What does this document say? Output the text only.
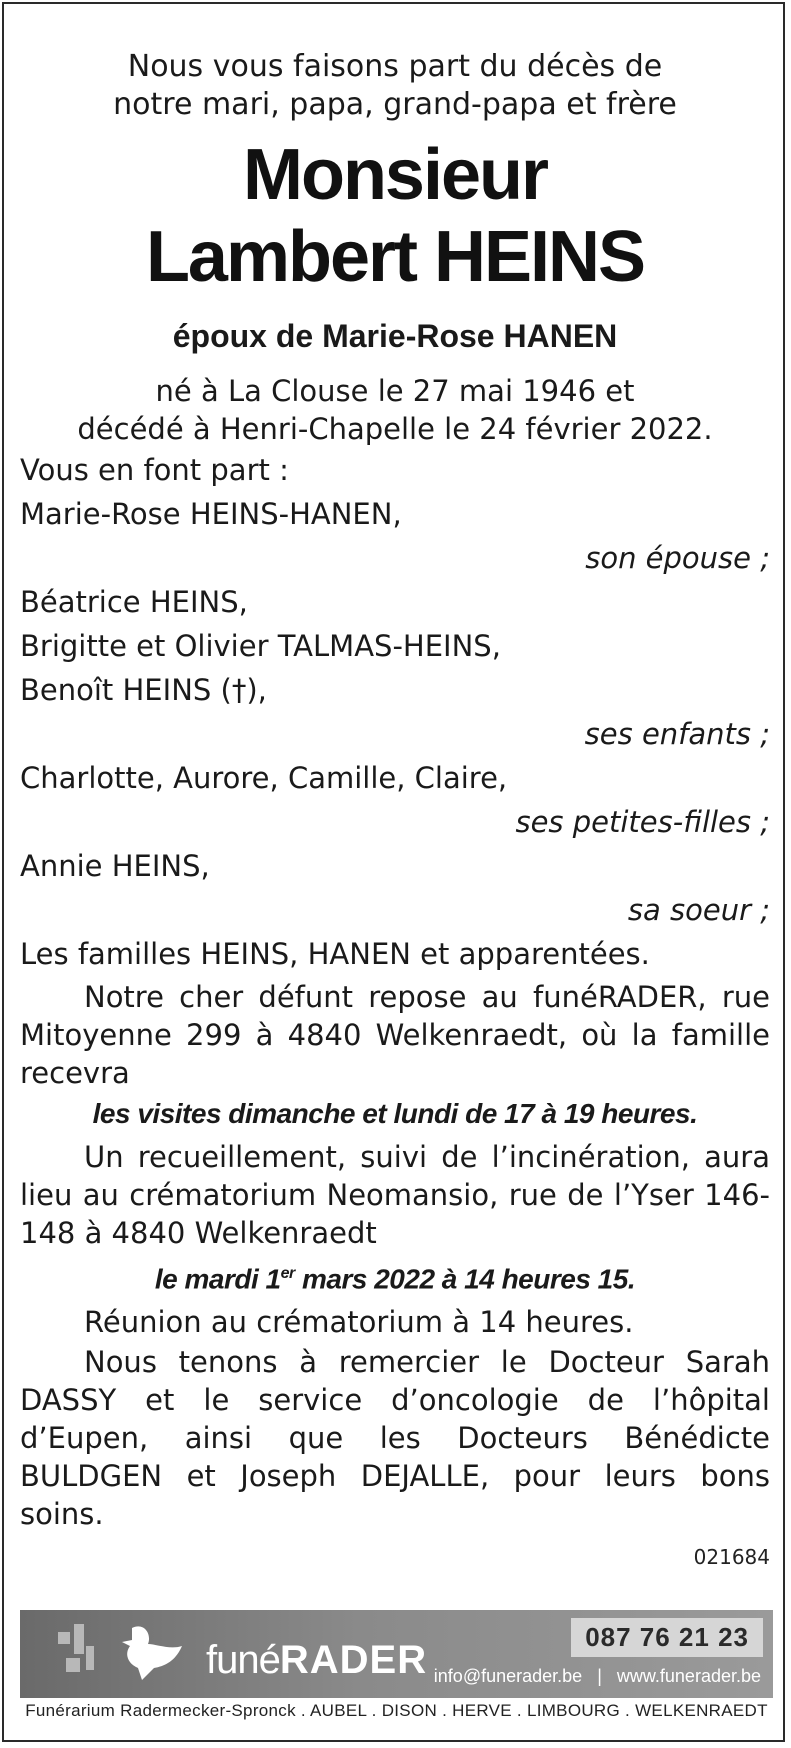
Nous vous faisons part du décès de
notre mari, papa, grand-papa et frère
Monsieur
Lambert HEINS
époux de Marie-Rose HANEN
né à La Clouse le 27 mai 1946 et
décédé à Henri-Chapelle le 24 février 2022.
Vous en font part :
Marie-Rose HEINS-HANEN,
son épouse ;
Béatrice HEINS,
Brigitte et Olivier TALMAS-HEINS,
Benoît HEINS (†),
ses enfants ;
Charlotte, Aurore, Camille, Claire,
ses petites-filles ;
Annie HEINS,
sa soeur ;
Les familles HEINS, HANEN et apparentées.
Notre cher défunt repose au funéRADER, rue Mitoyenne 299 à 4840 Welkenraedt, où la famille recevra
les visites dimanche et lundi de 17 à 19 heures.
Un recueillement, suivi de l’incinération, aura lieu au crématorium Neomansio, rue de l’Yser 146-148 à 4840 Welkenraedt
le mardi 1er mars 2022 à 14 heures 15.
Réunion au crématorium à 14 heures.
Nous tenons à remercier le Docteur Sarah DASSY et le service d’oncologie de l’hôpital d’Eupen, ainsi que les Docteurs Bénédicte BULDGEN et Joseph DEJALLE, pour leurs bons soins.
021684
funéRADER
087 76 21 23
info@funerader.be | www.funerader.be
Funérarium Radermecker-Spronck . AUBEL . DISON . HERVE . LIMBOURG . WELKENRAEDT
